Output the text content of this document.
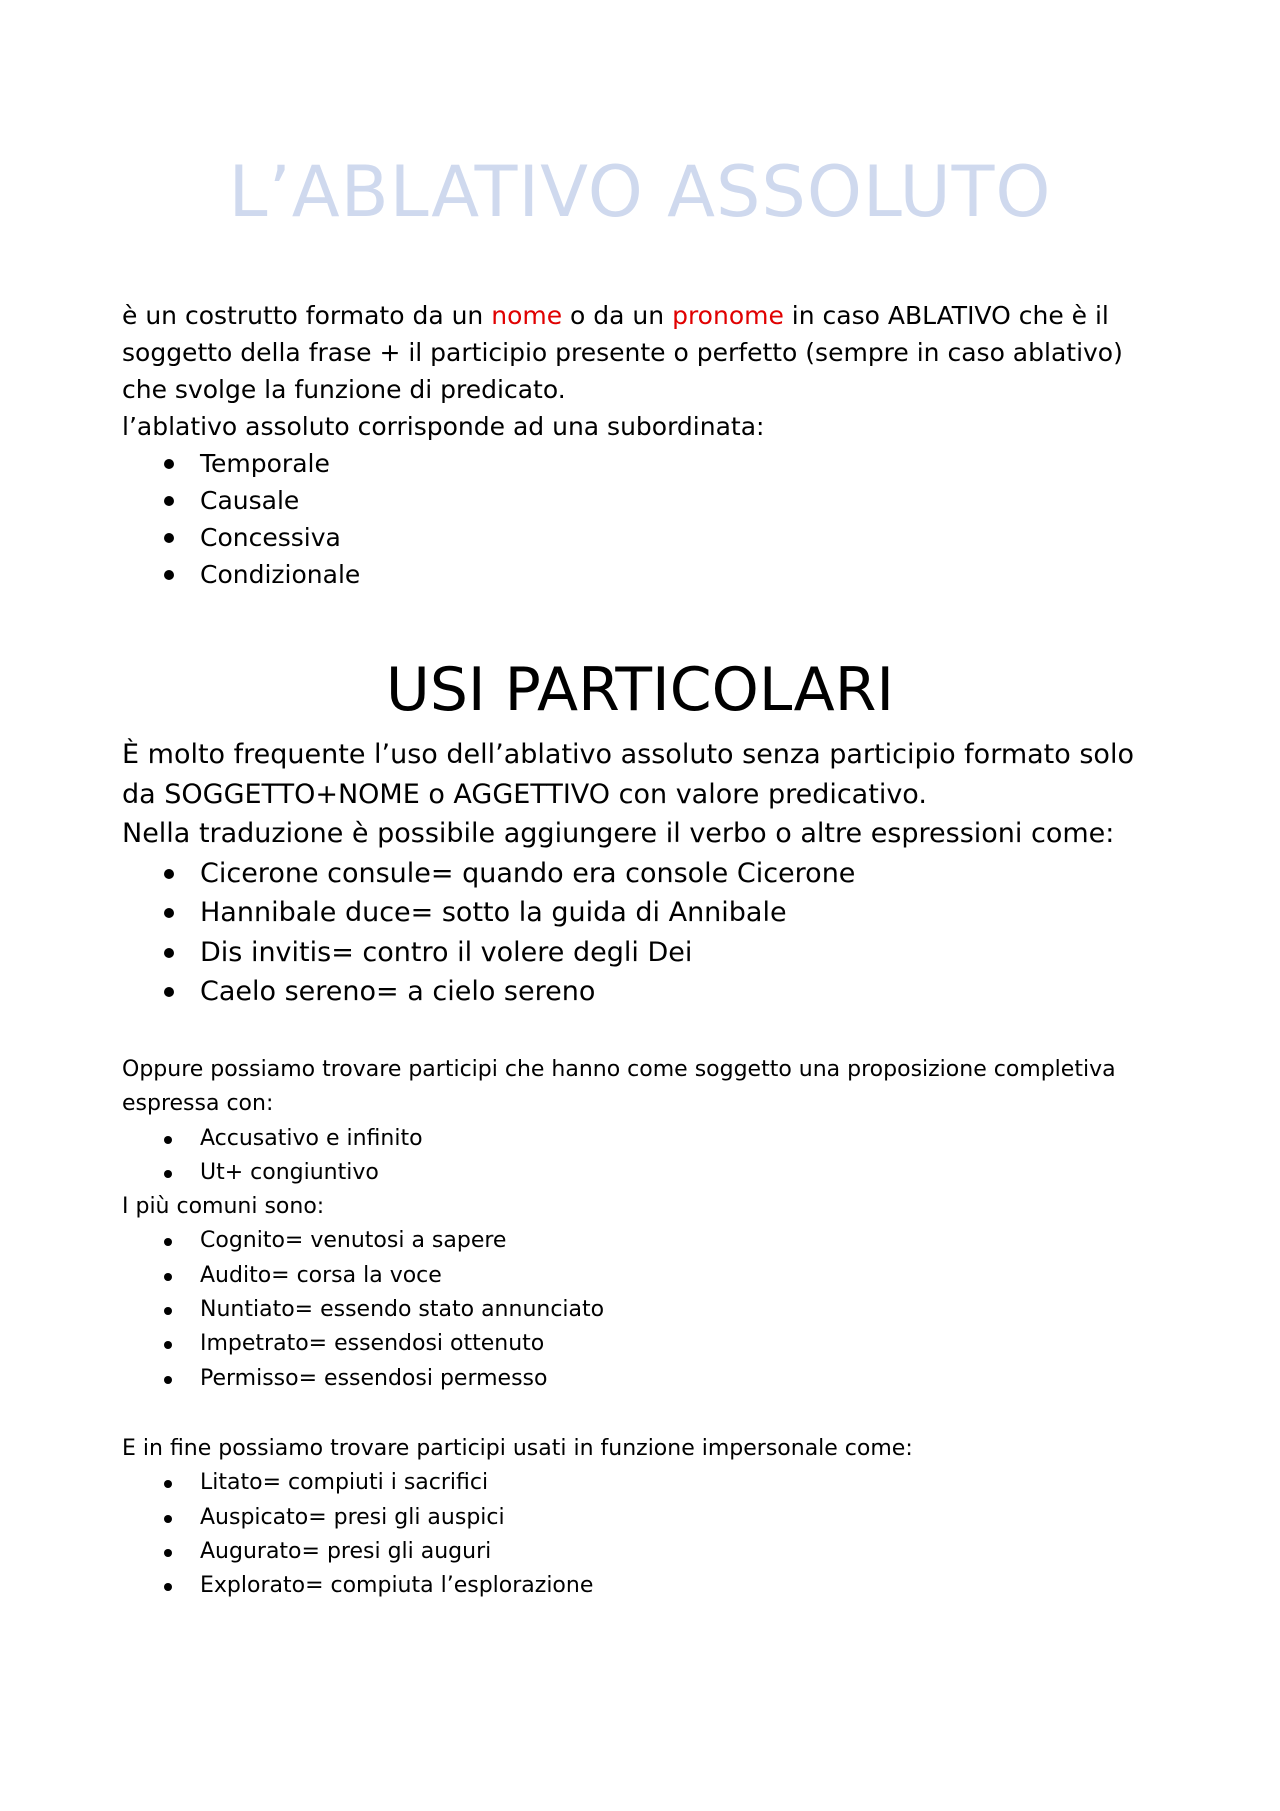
L’ABLATIVO ASSOLUTO

è un costrutto formato da un nome o da un pronome in caso ABLATIVO che è il soggetto della frase + il participio presente o perfetto (sempre in caso ablativo) che svolge la funzione di predicato.

l’ablativo assoluto corrisponde ad una subordinata:

Temporale
Causale
Concessiva
Condizionale
USI PARTICOLARI

È molto frequente l’uso dell’ablativo assoluto senza participio formato solo da SOGGETTO+NOME o AGGETTIVO con valore predicativo.

Nella traduzione è possibile aggiungere il verbo o altre espressioni come:

Cicerone consule= quando era console Cicerone
Hannibale duce= sotto la guida di Annibale
Dis invitis= contro il volere degli Dei
Caelo sereno= a cielo sereno

Oppure possiamo trovare participi che hanno come soggetto una proposizione completiva espressa con:

Accusativo e infinito
Ut+ congiuntivo

I più comuni sono:

Cognito= venutosi a sapere
Audito= corsa la voce
Nuntiato= essendo stato annunciato
Impetrato= essendosi ottenuto
Permisso= essendosi permesso

E in fine possiamo trovare participi usati in funzione impersonale come:

Litato= compiuti i sacrifici
Auspicato= presi gli auspici
Augurato= presi gli auguri
Explorato= compiuta l’esplorazione
